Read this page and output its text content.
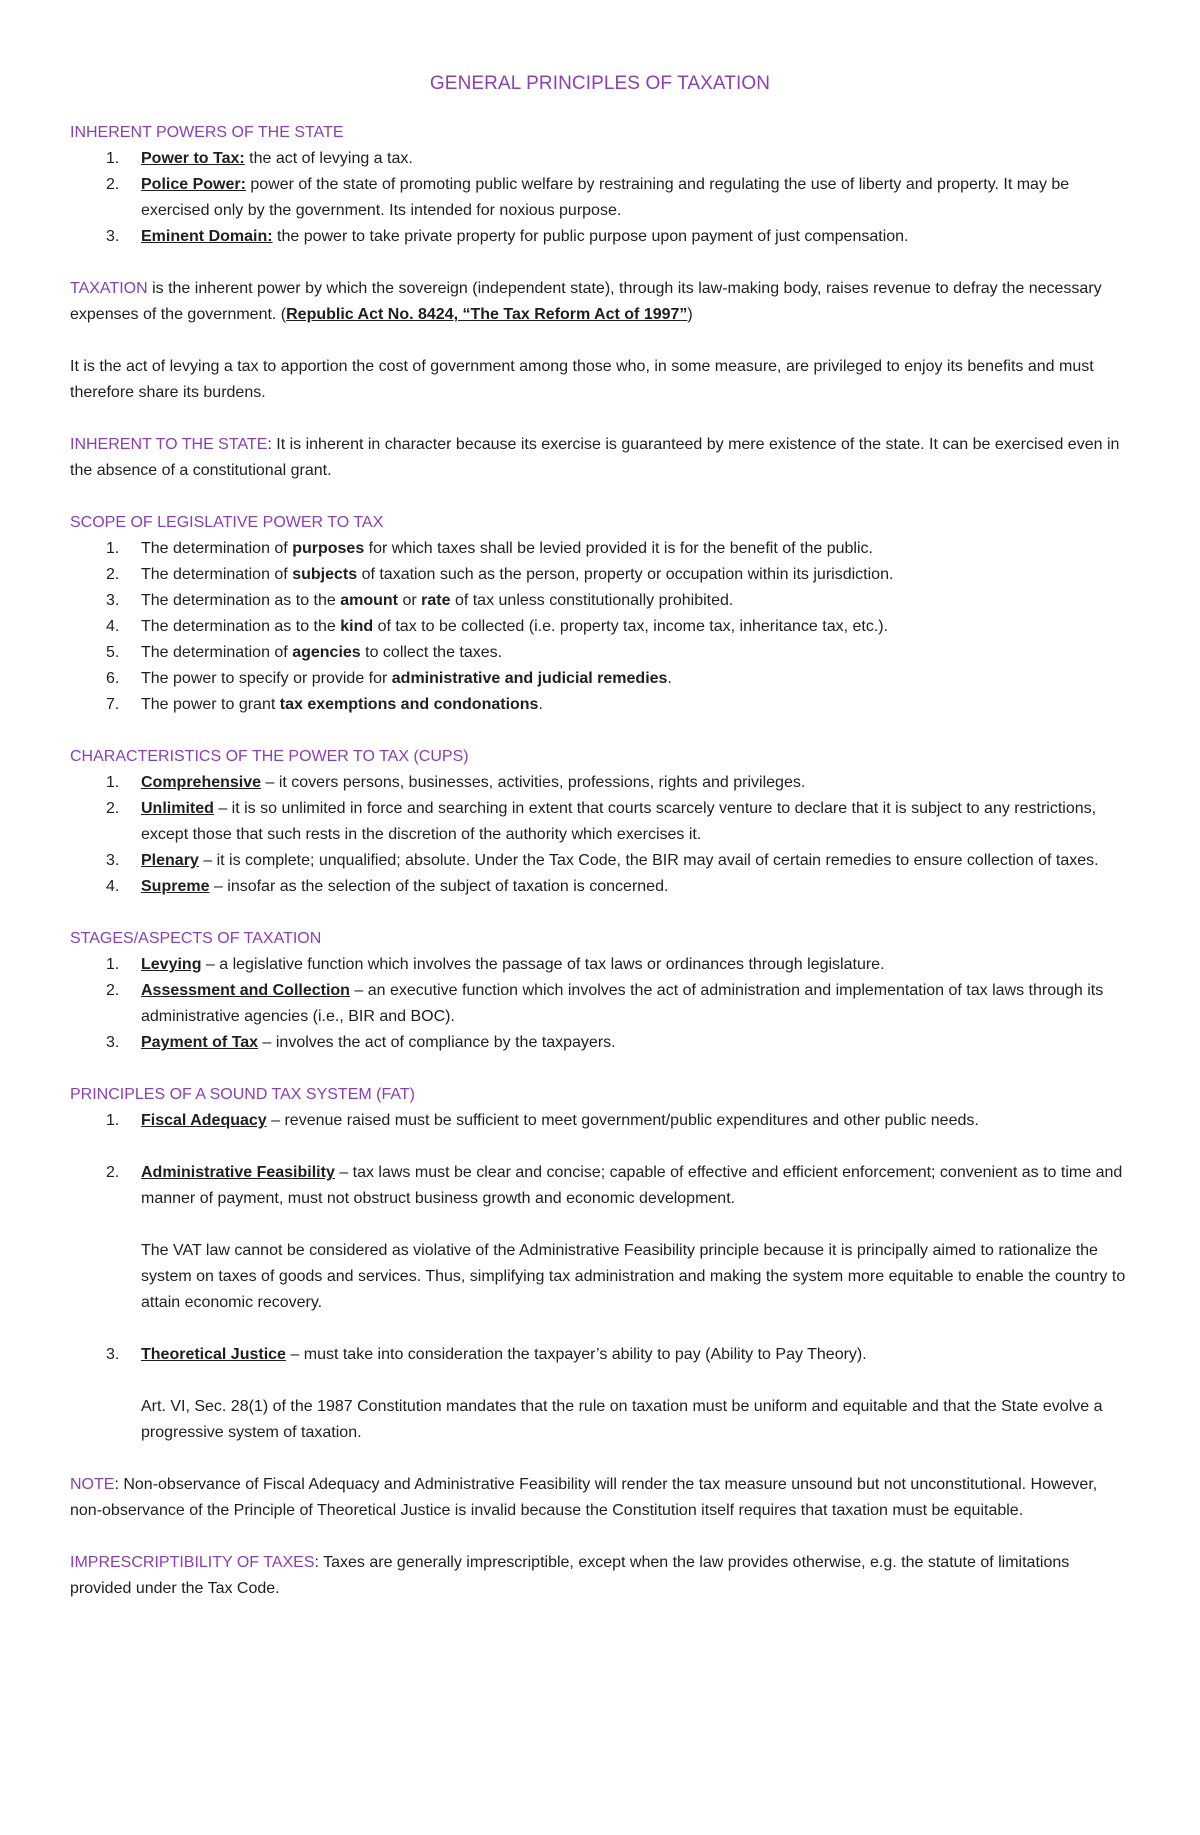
GENERAL PRINCIPLES OF TAXATION
INHERENT POWERS OF THE STATE
1. Power to Tax: the act of levying a tax.
2. Police Power: power of the state of promoting public welfare by restraining and regulating the use of liberty and property. It may be exercised only by the government. Its intended for noxious purpose.
3. Eminent Domain: the power to take private property for public purpose upon payment of just compensation.

TAXATION is the inherent power by which the sovereign (independent state), through its law-making body, raises revenue to defray the necessary expenses of the government. (Republic Act No. 8424, “The Tax Reform Act of 1997”)

It is the act of levying a tax to apportion the cost of government among those who, in some measure, are privileged to enjoy its benefits and must therefore share its burdens.

INHERENT TO THE STATE: It is inherent in character because its exercise is guaranteed by mere existence of the state. It can be exercised even in the absence of a constitutional grant.

SCOPE OF LEGISLATIVE POWER TO TAX
1. The determination of purposes for which taxes shall be levied provided it is for the benefit of the public.
2. The determination of subjects of taxation such as the person, property or occupation within its jurisdiction.
3. The determination as to the amount or rate of tax unless constitutionally prohibited.
4. The determination as to the kind of tax to be collected (i.e. property tax, income tax, inheritance tax, etc.).
5. The determination of agencies to collect the taxes.
6. The power to specify or provide for administrative and judicial remedies.
7. The power to grant tax exemptions and condonations.
CHARACTERISTICS OF THE POWER TO TAX (CUPS)
1. Comprehensive – it covers persons, businesses, activities, professions, rights and privileges.
2. Unlimited – it is so unlimited in force and searching in extent that courts scarcely venture to declare that it is subject to any restrictions, except those that such rests in the discretion of the authority which exercises it.
3. Plenary – it is complete; unqualified; absolute. Under the Tax Code, the BIR may avail of certain remedies to ensure collection of taxes.
4. Supreme – insofar as the selection of the subject of taxation is concerned.
STAGES/ASPECTS OF TAXATION
1. Levying – a legislative function which involves the passage of tax laws or ordinances through legislature.
2. Assessment and Collection – an executive function which involves the act of administration and implementation of tax laws through its administrative agencies (i.e., BIR and BOC).
3. Payment of Tax – involves the act of compliance by the taxpayers.
PRINCIPLES OF A SOUND TAX SYSTEM (FAT)
1. Fiscal Adequacy – revenue raised must be sufficient to meet government/public expenditures and other public needs.
2. Administrative Feasibility – tax laws must be clear and concise; capable of effective and efficient enforcement; convenient as to time and manner of payment, must not obstruct business growth and economic development.
The VAT law cannot be considered as violative of the Administrative Feasibility principle because it is principally aimed to rationalize the system on taxes of goods and services. Thus, simplifying tax administration and making the system more equitable to enable the country to attain economic recovery.
3. Theoretical Justice – must take into consideration the taxpayer’s ability to pay (Ability to Pay Theory).
Art. VI, Sec. 28(1) of the 1987 Constitution mandates that the rule on taxation must be uniform and equitable and that the State evolve a progressive system of taxation.

NOTE: Non-observance of Fiscal Adequacy and Administrative Feasibility will render the tax measure unsound but not unconstitutional. However, non-observance of the Principle of Theoretical Justice is invalid because the Constitution itself requires that taxation must be equitable.

IMPRESCRIPTIBILITY OF TAXES: Taxes are generally imprescriptible, except when the law provides otherwise, e.g. the statute of limitations provided under the Tax Code.
